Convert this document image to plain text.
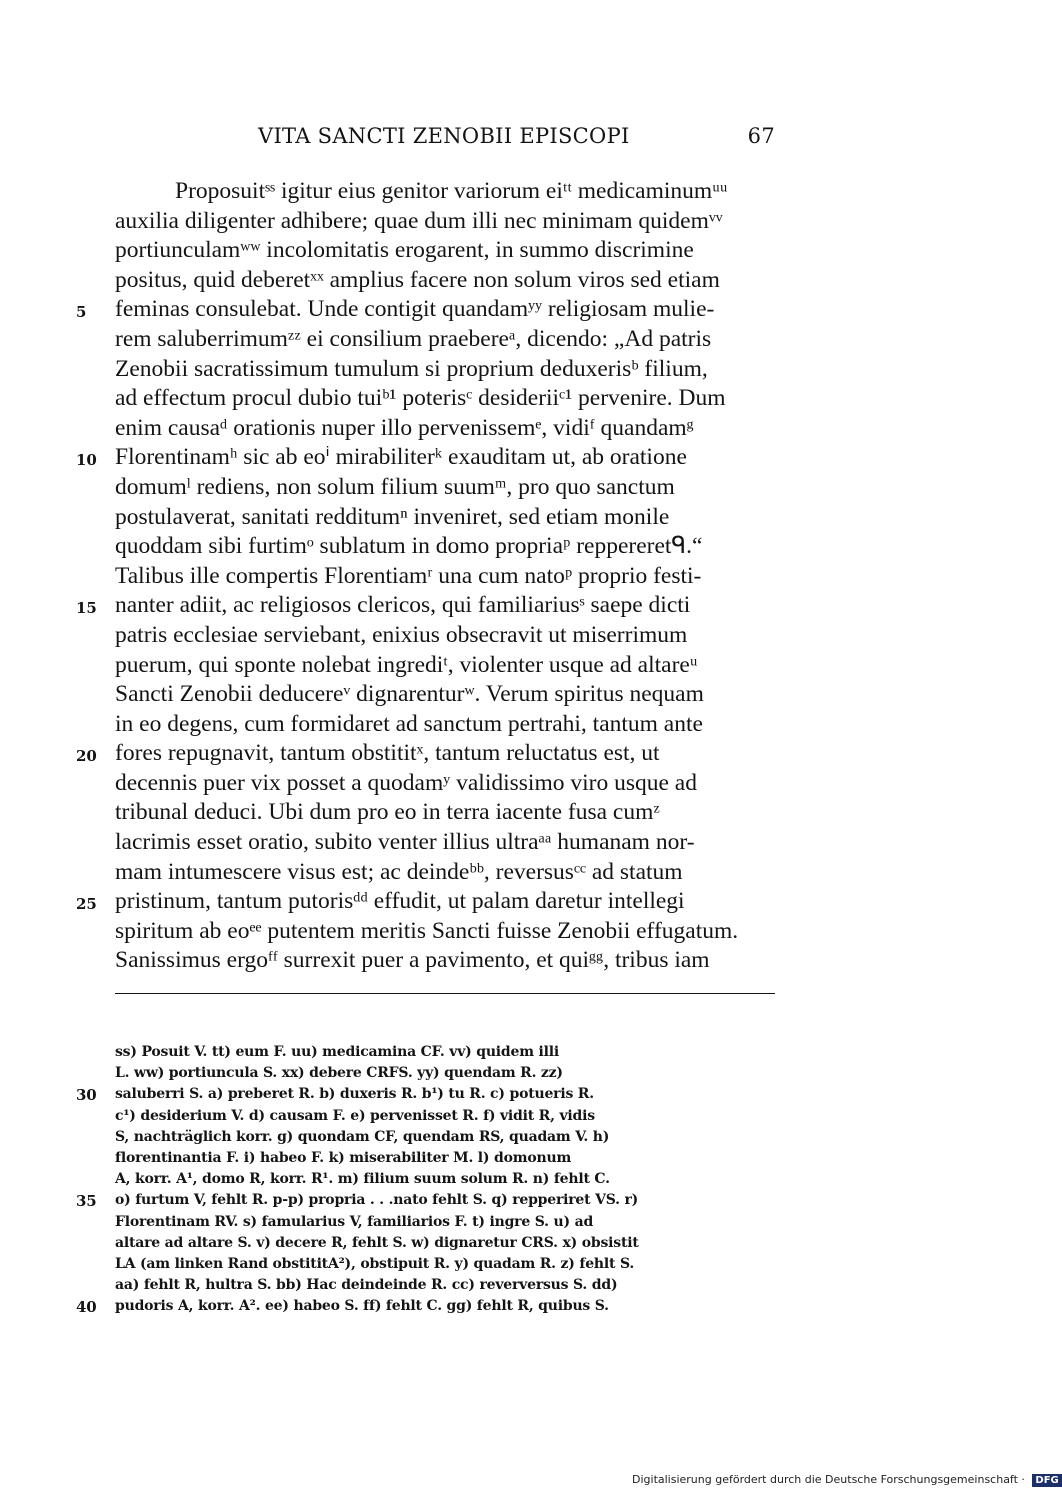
VITA SANCTI ZENOBII EPISCOPI	67
Proposuitˢˢ igitur eius genitor variorum eiᵗᵗ medicaminumᵘᵘ
auxilia diligenter adhibere; quae dum illi nec minimam quidemᵛᵛ
portiunculamʷʷ incolomitatis erogarent, in summo discrimine
positus, quid deberetˣˣ amplius facere non solum viros sed etiam
5	feminas consulebat. Unde contigit quandamʸʸ religiosam mulie-
rem saluberrimumᶻᶻ ei consilium praebereᵃ, dicendo: „Ad patris
Zenobii sacratissimum tumulum si proprium deduxerisᵇ filium,
ad effectum procul dubio tuiᵇ¹ poterisᶜ desideriiᶜ¹ pervenire. Dum
enim causaᵈ orationis nuper illo pervenissemᵉ, vidiᶠ quandamᵍ
10 Florentinamʰ sic ab eoⁱ mirabiliterᵏ exauditam ut, ab oratione
domumˡ rediens, non solum filium suumᵐ, pro quo sanctum
postulaverat, sanitati redditumⁿ inveniret, sed etiam monile
quoddam sibi furtimᵒ sublatum in domo propriaᵖ reppereretᑫ.“
Talibus ille compertis Florentiamʳ una cum natoᵖ proprio festi-
15 nanter adiit, ac religiosos clericos, qui familiariusˢ saepe dicti
patris ecclesiae serviebant, enixius obsecravit ut miserrimum
puerum, qui sponte nolebat ingrediᵗ, violenter usque ad altareᵘ
Sancti Zenobii deducereᵛ dignarenturʷ. Verum spiritus nequam
in eo degens, cum formidaret ad sanctum pertrahi, tantum ante
20 fores repugnavit, tantum obstititˣ, tantum reluctatus est, ut
decennis puer vix posset a quodamʸ validissimo viro usque ad
tribunal deduci. Ubi dum pro eo in terra iacente fusa cumᶻ
lacrimis esset oratio, subito venter illius ultraᵃᵃ humanam nor-
mam intumescere visus est; ac deindeᵇᵇ, reversusᶜᶜ ad statum
25 pristinum, tantum putorisᵈᵈ effudit, ut palam daretur intellegi
spiritum ab eoᵉᵉ putentem meritis Sancti fuisse Zenobii effugatum.
Sanissimus ergoᶠᶠ surrexit puer a pavimento, et quiᵍᵍ, tribus iam
ss) Posuit V. tt) eum F. uu) medicamina CF. vv) quidem illi
L. ww) portiuncula S. xx) debere CRFS. yy) quendam R. zz)
30 saluberri S. a) preberet R. b) duxeris R. b¹) tu R. c) potueris R.
c¹) desiderium V. d) causam F. e) pervenisset R. f) vidit R, vidis
S, nachträglich korr. g) quondam CF, quendam RS, quadam V. h)
florentinantia F. i) habeo F. k) miserabiliter M. l) domonum
A, korr. A¹, domo R, korr. R¹. m) filium suum solum R. n) fehlt C.
35 o) furtum V, fehlt R. p-p) propria . . .nato fehlt S. q) repperiret VS. r)
Florentinam RV. s) famularius V, familiarios F. t) ingre S. u) ad
altare ad altare S. v) decere R, fehlt S. w) dignaretur CRS. x) obsistit
LA (am linken Rand obstititA²), obstipuit R. y) quadam R. z) fehlt S.
aa) fehlt R, hultra S. bb) Hac deindeinde R. cc) reverversus S. dd)
40 pudoris A, korr. A². ee) habeo S. ff) fehlt C. gg) fehlt R, quibus S.
Digitalisierung gefördert durch die Deutsche Forschungsgemeinschaft · DFG
